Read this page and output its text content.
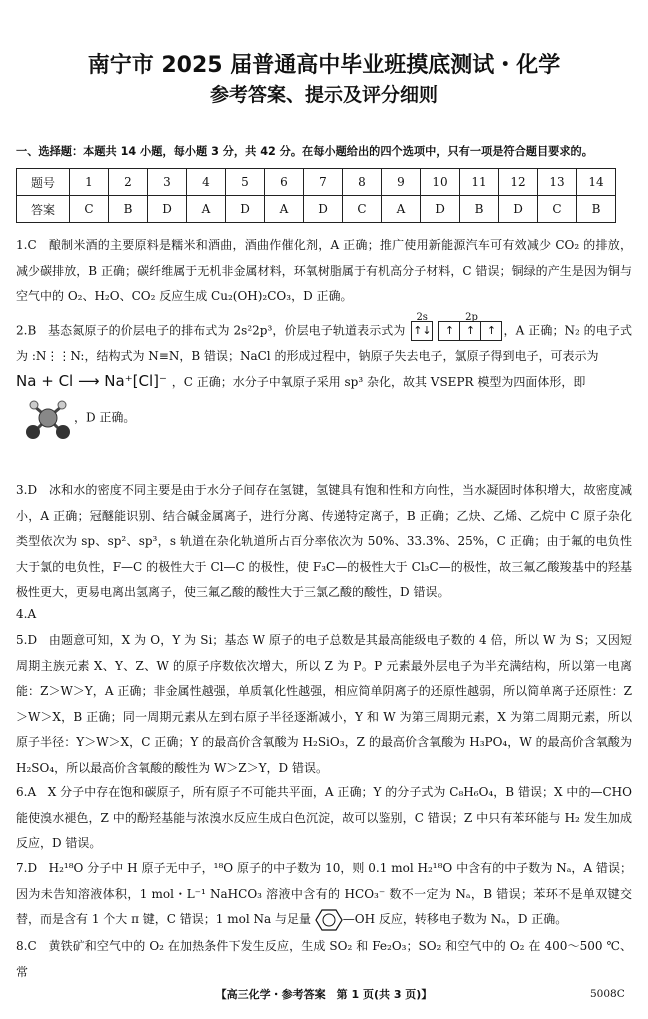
南宁市 2025 届普通高中毕业班摸底测试・化学
参考答案、提示及评分细则
一、选择题：本题共 14 小题，每小题 3 分，共 42 分。在每小题给出的四个选项中，只有一项是符合题目要求的。
题号	1	2	3	4	5	6	7	8	9	10	11	12	13	14
答案	C	B	D	A	D	A	D	C	A	D	B	D	C	B
1.C 酿制米酒的主要原料是糯米和酒曲，酒曲作催化剂，A 正确；推广使用新能源汽车可有效减少 CO₂ 的排放，减少碳排放，B 正确；碳纤维属于无机非金属材料，环氧树脂属于有机高分子材料，C 错误；铜绿的产生是因为铜与空气中的 O₂、H₂O、CO₂ 反应生成 Cu₂(OH)₂CO₃，D 正确。
2.B 基态氮原子的价层电子的排布式为 2s²2p³，价层电子轨道表示式为
2s	2p
↑↓ ↑ ↑ ↑ ，A 正确；N₂ 的电子式为 :N⋮⋮N:，结构式为 N≡N，B 错误；NaCl 的形成过程中，钠原子失去电子，氯原子得到电子，可表示为
Na + Cl ⟶ Na⁺[Cl]⁻ ，C 正确；水分子中氧原子采用 sp³ 杂化，故其 VSEPR 模型为四面体形，即
，D 正确。
3.D 冰和水的密度不同主要是由于水分子间存在氢键，氢键具有饱和性和方向性，当水凝固时体积增大，故密度减小，A 正确；冠醚能识别、结合碱金属离子，进行分离、传递特定离子，B 正确；乙炔、乙烯、乙烷中 C 原子杂化类型依次为 sp、sp²、sp³，s 轨道在杂化轨道所占百分率依次为 50%、33.3%、25%，C 正确；由于氟的电负性大于氯的电负性，F—C 的极性大于 Cl—C 的极性，使 F₃C—的极性大于 Cl₃C—的极性，故三氟乙酸羧基中的羟基极性更大，更易电离出氢离子，使三氟乙酸的酸性大于三氯乙酸的酸性，D 错误。
4.A
5.D 由题意可知，X 为 O，Y 为 Si；基态 W 原子的电子总数是其最高能级电子数的 4 倍，所以 W 为 S；又因短周期主族元素 X、Y、Z、W 的原子序数依次增大，所以 Z 为 P。P 元素最外层电子为半充满结构，所以第一电离能：Z＞W＞Y，A 正确；非金属性越强，单质氧化性越强，相应简单阴离子的还原性越弱，所以简单离子还原性：Z＞W＞X，B 正确；同一周期元素从左到右原子半径逐渐减小，Y 和 W 为第三周期元素，X 为第二周期元素，所以原子半径：Y＞W＞X，C 正确；Y 的最高价含氧酸为 H₂SiO₃，Z 的最高价含氧酸为 H₃PO₄，W 的最高价含氧酸为 H₂SO₄，所以最高价含氧酸的酸性为 W＞Z＞Y，D 错误。
6.A X 分子中存在饱和碳原子，所有原子不可能共平面，A 正确；Y 的分子式为 C₈H₆O₄，B 错误；X 中的—CHO 能使溴水褪色，Z 中的酚羟基能与浓溴水反应生成白色沉淀，故可以鉴别，C 错误；Z 中只有苯环能与 H₂ 发生加成反应，D 错误。
7.D H₂¹⁸O 分子中 H 原子无中子，¹⁸O 原子的中子数为 10，则 0.1 mol H₂¹⁸O 中含有的中子数为 Nₐ，A 错误；因为未告知溶液体积，1 mol・L⁻¹ NaHCO₃ 溶液中含有的 HCO₃⁻ 数不一定为 Nₐ，B 错误；苯环不是单双键交替，而是含有 1 个大 π 键，C 错误；1 mol Na 与足量	—OH 反应，转移电子数为 Nₐ，D 正确。
8.C 黄铁矿和空气中的 O₂ 在加热条件下发生反应，生成 SO₂ 和 Fe₂O₃；SO₂ 和空气中的 O₂ 在 400～500 ℃、常
【高三化学・参考答案　第 1 页(共 3 页)】	5008C
